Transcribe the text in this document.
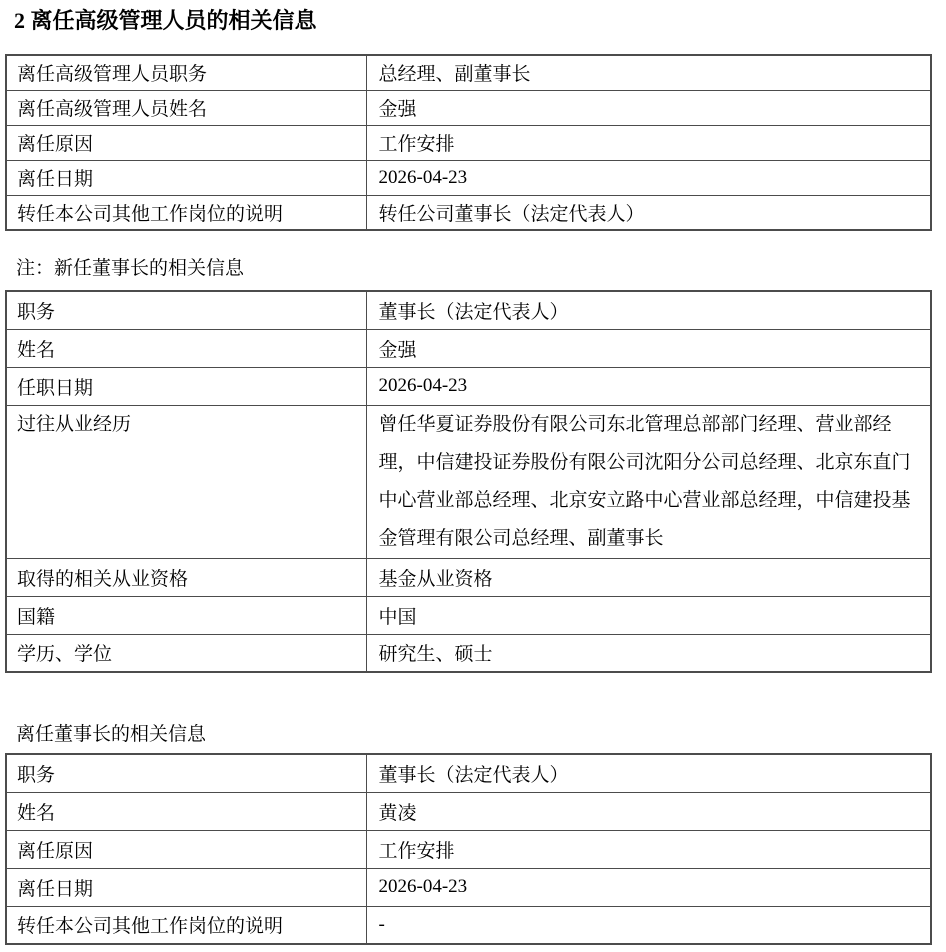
2 离任高级管理人员的相关信息
离任高级管理人员职务	总经理、副董事长
离任高级管理人员姓名	金强
离任原因	工作安排
离任日期	2026-04-23
转任本公司其他工作岗位的说明	转任公司董事长（法定代表人）
注：新任董事长的相关信息
职务	董事长（法定代表人）
姓名	金强
任职日期	2026-04-23
过往从业经历	曾任华夏证券股份有限公司东北管理总部部门经理、营业部经理，中信建投证券股份有限公司沈阳分公司总经理、北京东直门中心营业部总经理、北京安立路中心营业部总经理，中信建投基金管理有限公司总经理、副董事长
取得的相关从业资格	基金从业资格
国籍	中国
学历、学位	研究生、硕士
离任董事长的相关信息
职务	董事长（法定代表人）
姓名	黄凌
离任原因	工作安排
离任日期	2026-04-23
转任本公司其他工作岗位的说明	-
